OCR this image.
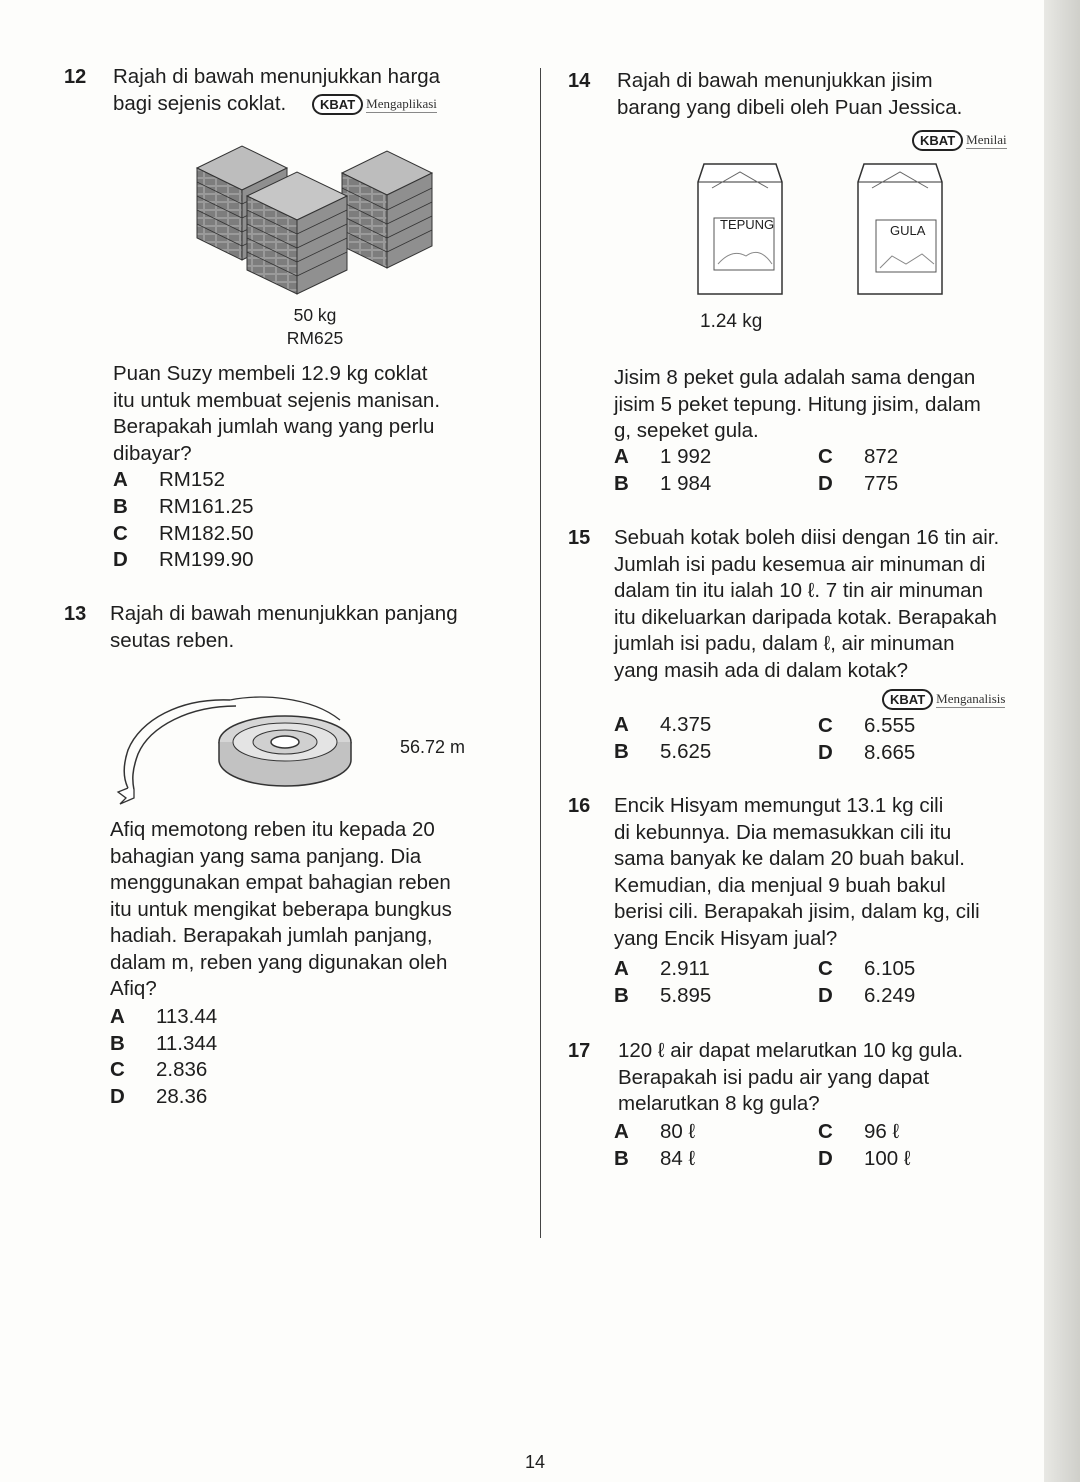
12 Rajah di bawah menunjukkan harga
bagi sejenis coklat.	KBAT Mengaplikasi
50 kg
RM625
Puan Suzy membeli 12.9 kg coklat
itu untuk membuat sejenis manisan.
Berapakah jumlah wang yang perlu
dibayar?
A RM152
B RM161.25
C RM182.50
D RM199.90
13 Rajah di bawah menunjukkan panjang
seutas reben.
56.72 m
Afiq memotong reben itu kepada 20
bahagian yang sama panjang. Dia
menggunakan empat bahagian reben
itu untuk mengikat beberapa bungkus
hadiah. Berapakah jumlah panjang,
dalam m, reben yang digunakan oleh
Afiq?
A 113.44
B 11.344
C 2.836
D 28.36
14 Rajah di bawah menunjukkan jisim
barang yang dibeli oleh Puan Jessica.
KBAT Menilai
TEPUNG	GULA
1.24 kg
Jisim 8 peket gula adalah sama dengan
jisim 5 peket tepung. Hitung jisim, dalam
g, sepeket gula.
A 1 992	C 872
B 1 984	D 775
15 Sebuah kotak boleh diisi dengan 16 tin air.
Jumlah isi padu kesemua air minuman di
dalam tin itu ialah 10 ℓ. 7 tin air minuman
itu dikeluarkan daripada kotak. Berapakah
jumlah isi padu, dalam ℓ, air minuman
yang masih ada di dalam kotak?
KBAT Menganalisis
A 4.375	C 6.555
B 5.625	D 8.665
16 Encik Hisyam memungut 13.1 kg cili
di kebunnya. Dia memasukkan cili itu
sama banyak ke dalam 20 buah bakul.
Kemudian, dia menjual 9 buah bakul
berisi cili. Berapakah jisim, dalam kg, cili
yang Encik Hisyam jual?
A 2.911	C 6.105
B 5.895	D 6.249
17 120 ℓ air dapat melarutkan 10 kg gula.
Berapakah isi padu air yang dapat
melarutkan 8 kg gula?
A 80 ℓ	C 96 ℓ
B 84 ℓ	D 100 ℓ
14
